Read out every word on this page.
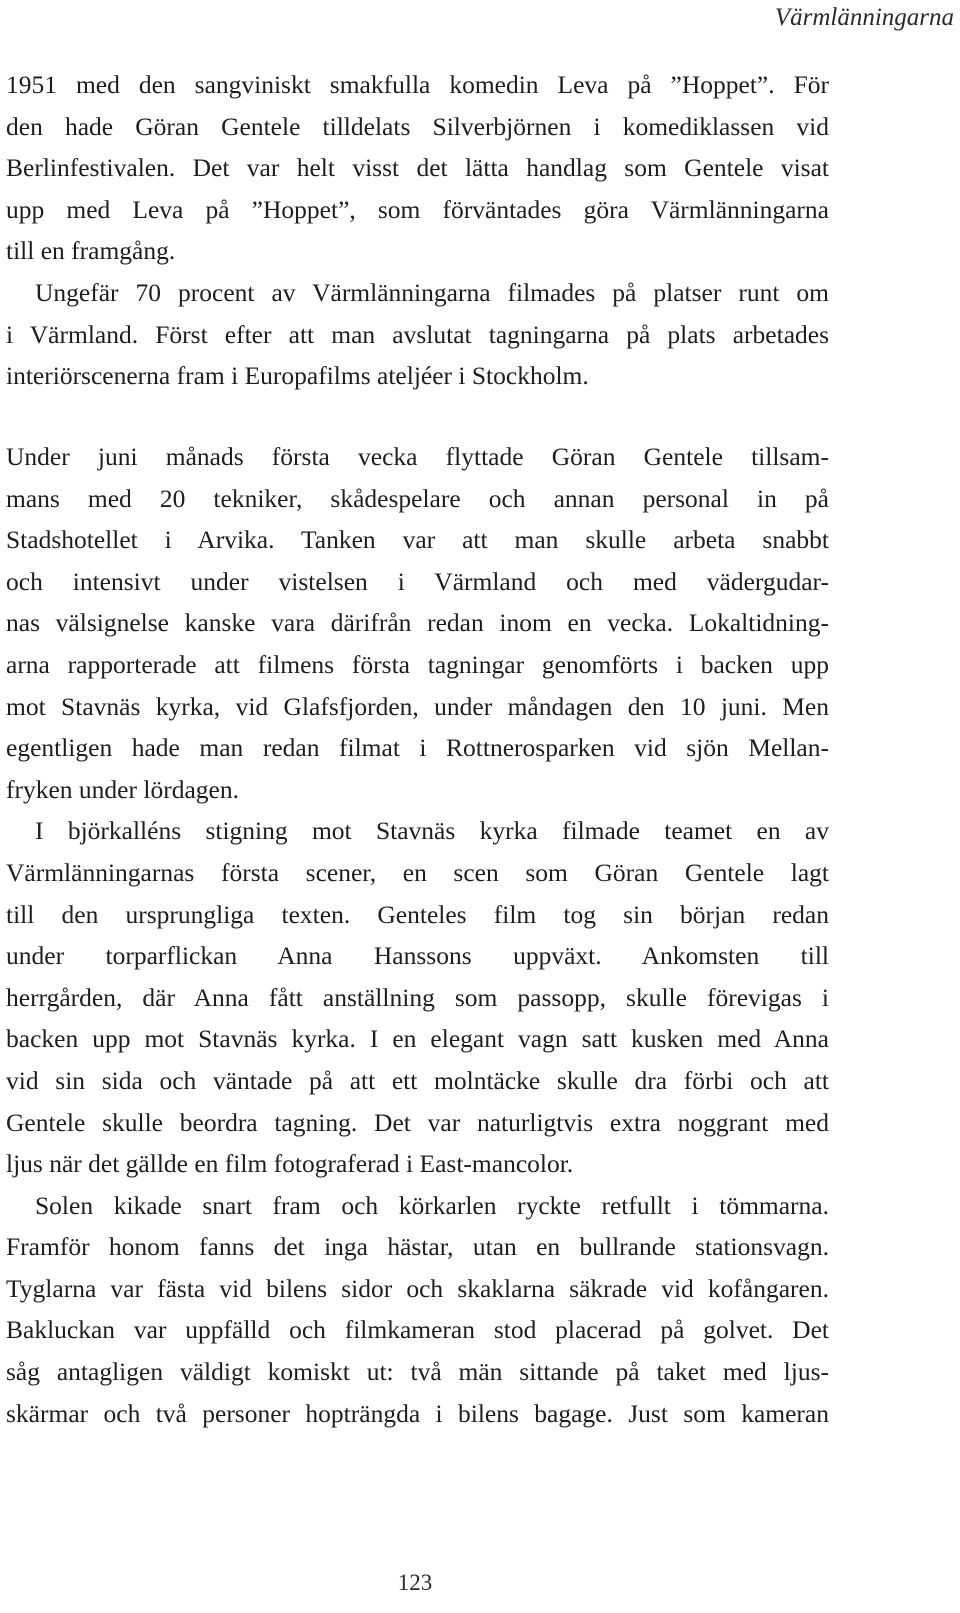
Värmlänningarna
1951 med den sangviniskt smakfulla komedin Leva på ”Hoppet”. För
den hade Göran Gentele tilldelats Silverbjörnen i komediklassen vid
Berlinfestivalen. Det var helt visst det lätta handlag som Gentele visat
upp med Leva på ”Hoppet”, som förväntades göra Värmlänningarna
till en framgång.
Ungefär 70 procent av Värmlänningarna filmades på platser runt om
i Värmland. Först efter att man avslutat tagningarna på plats arbetades
interiörscenerna fram i Europafilms ateljéer i Stockholm.
Under juni månads första vecka flyttade Göran Gentele tillsam-
mans med 20 tekniker, skådespelare och annan personal in på
Stadshotellet i Arvika. Tanken var att man skulle arbeta snabbt
och intensivt under vistelsen i Värmland och med vädergudar-
nas välsignelse kanske vara därifrån redan inom en vecka. Lokaltidning-
arna rapporterade att filmens första tagningar genomförts i backen upp
mot Stavnäs kyrka, vid Glafsfjorden, under måndagen den 10 juni. Men
egentligen hade man redan filmat i Rottnerosparken vid sjön Mellan-
fryken under lördagen.
I björkalléns stigning mot Stavnäs kyrka filmade teamet en av
Värmlänningarnas första scener, en scen som Göran Gentele lagt
till den ursprungliga texten. Genteles film tog sin början redan
under torparflickan Anna Hanssons uppväxt. Ankomsten till
herrgården, där Anna fått anställning som passopp, skulle förevigas i
backen upp mot Stavnäs kyrka. I en elegant vagn satt kusken med Anna
vid sin sida och väntade på att ett molntäcke skulle dra förbi och att
Gentele skulle beordra tagning. Det var naturligtvis extra noggrant med
ljus när det gällde en film fotograferad i East-mancolor.
Solen kikade snart fram och körkarlen ryckte retfullt i tömmarna.
Framför honom fanns det inga hästar, utan en bullrande stationsvagn.
Tyglarna var fästa vid bilens sidor och skaklarna säkrade vid kofångaren.
Bakluckan var uppfälld och filmkameran stod placerad på golvet. Det
såg antagligen väldigt komiskt ut: två män sittande på taket med ljus-
skärmar och två personer hopträngda i bilens bagage. Just som kameran
123
